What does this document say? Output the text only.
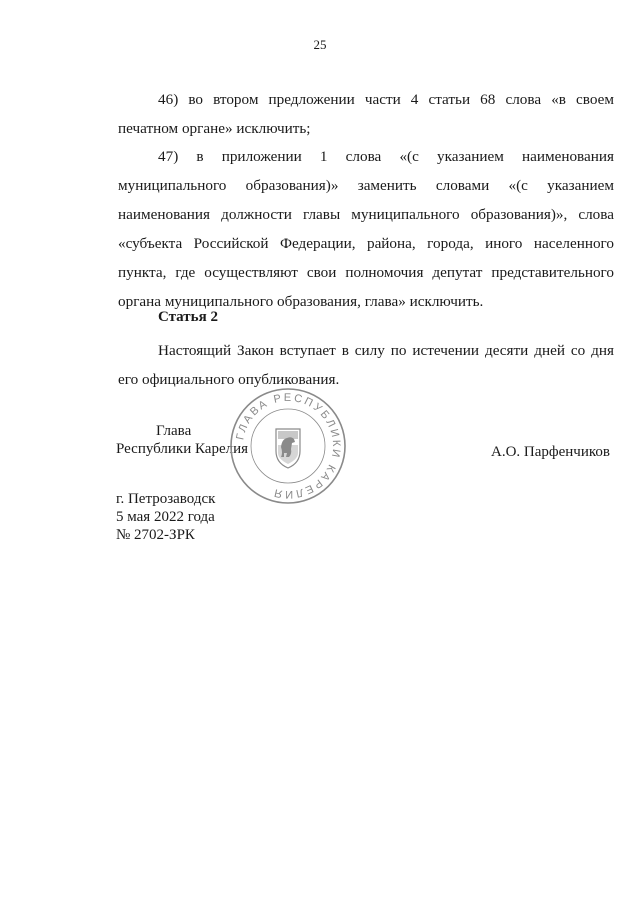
25

46) во втором предложении части 4 статьи 68 слова «в своем печатном органе» исключить;

47) в приложении 1 слова «(с указанием наименования муниципального образования)» заменить словами «(с указанием наименования должности главы муниципального образования)», слова «субъекта Российской Федерации, района, города, иного населенного пункта, где осуществляют свои полномочия депутат представительного органа муниципального образования, глава» исключить.

Статья 2

Настоящий Закон вступает в силу по истечении десяти дней со дня его официального опубликования.

Глава
Республики Карелия
ГЛАВА РЕСПУБЛИКИ КАРЕЛИЯ
А.О. Парфенчиков
г. Петрозаводск
5 мая 2022 года
№ 2702-ЗРК
